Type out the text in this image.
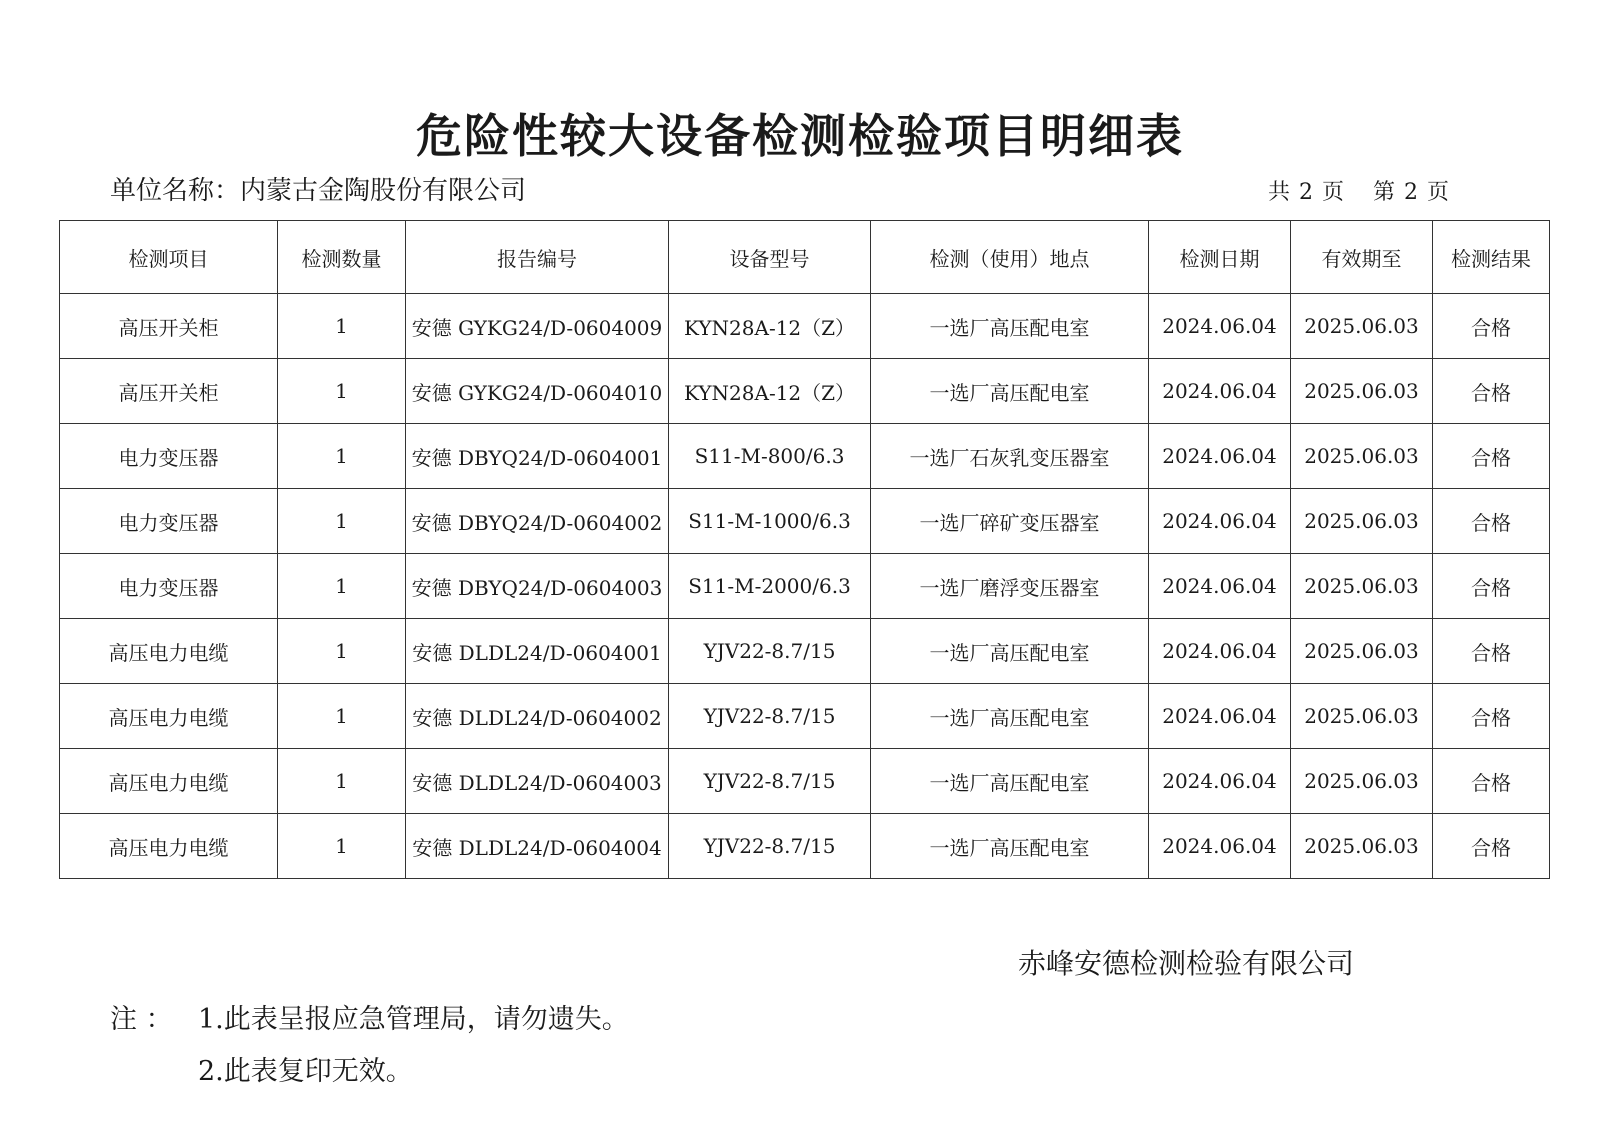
危险性较大设备检测检验项目明细表
单位名称：内蒙古金陶股份有限公司	共 2 页 第 2 页
检测项目	检测数量	报告编号	设备型号	检测（使用）地点	检测日期	有效期至	检测结果
高压开关柜	1	安德 GYKG24/D-0604009	KYN28A-12（Z）	一选厂高压配电室	2024.06.04	2025.06.03	合格
高压开关柜	1	安德 GYKG24/D-0604010	KYN28A-12（Z）	一选厂高压配电室	2024.06.04	2025.06.03	合格
电力变压器	1	安德 DBYQ24/D-0604001	S11-M-800/6.3	一选厂石灰乳变压器室	2024.06.04	2025.06.03	合格
电力变压器	1	安德 DBYQ24/D-0604002	S11-M-1000/6.3	一选厂碎矿变压器室	2024.06.04	2025.06.03	合格
电力变压器	1	安德 DBYQ24/D-0604003	S11-M-2000/6.3	一选厂磨浮变压器室	2024.06.04	2025.06.03	合格
高压电力电缆	1	安德 DLDL24/D-0604001	YJV22-8.7/15	一选厂高压配电室	2024.06.04	2025.06.03	合格
高压电力电缆	1	安德 DLDL24/D-0604002	YJV22-8.7/15	一选厂高压配电室	2024.06.04	2025.06.03	合格
高压电力电缆	1	安德 DLDL24/D-0604003	YJV22-8.7/15	一选厂高压配电室	2024.06.04	2025.06.03	合格
高压电力电缆	1	安德 DLDL24/D-0604004	YJV22-8.7/15	一选厂高压配电室	2024.06.04	2025.06.03	合格
赤峰安德检测检验有限公司
注 ： 1.此表呈报应急管理局，请勿遗失。
2.此表复印无效。
